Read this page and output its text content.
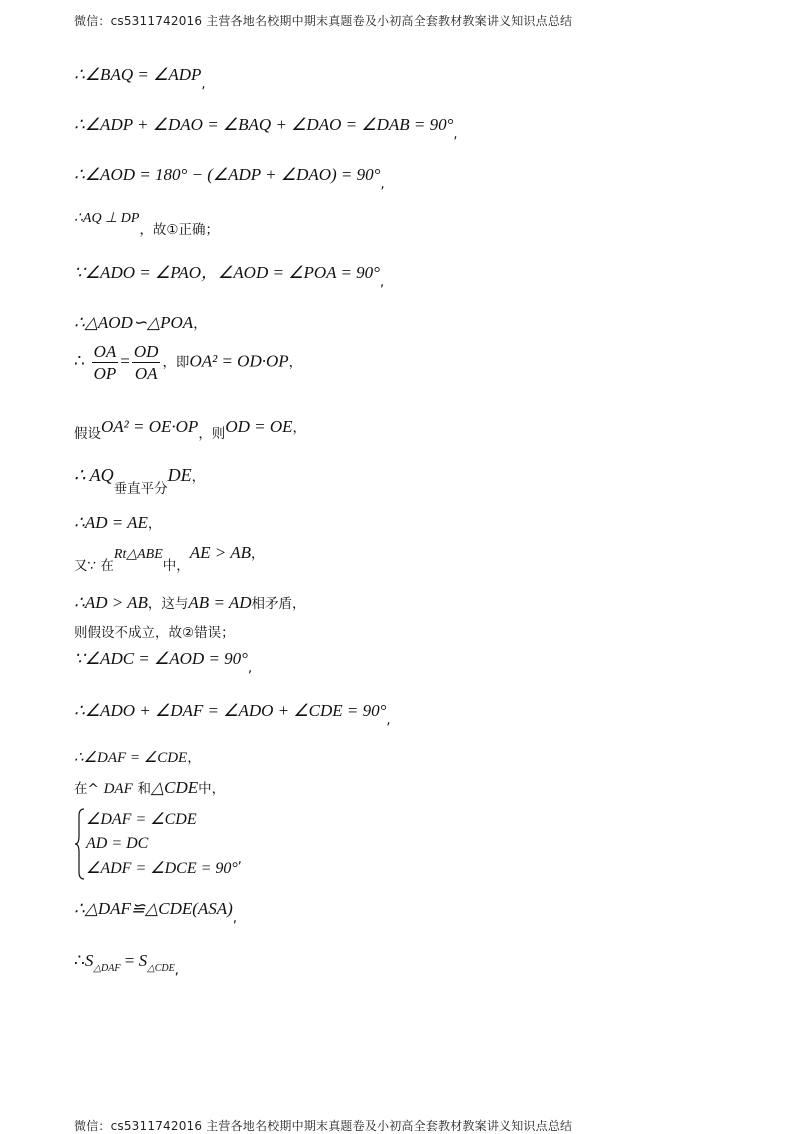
微信：cs5311742016 主营各地名校期中期末真题卷及小初高全套教材教案讲义知识点总结
∴∠BAQ = ∠ADP,
∴∠ADP + ∠DAO = ∠BAQ + ∠DAO = ∠DAB = 90°,
∴∠AOD = 180° − (∠ADP + ∠DAO) = 90°,
∴AQ ⊥ DP，故①正确；
∵∠ADO = ∠PAO，∠AOD = ∠POA = 90°,
∴△AOD∽△POA，
∴ $\frac{OA}{OP} = \frac{OD}{OA}$ ，即OA² = OD·OP，
假设OA² = OE·OP，则OD = OE，
∴ AQ垂直平分DE，
∴AD = AE，
又∵ 在Rt△ABE中，AE > AB，
∴AD > AB，这与AB = AD相矛盾，
则假设不成立，故②错误；
∵∠ADC = ∠AOD = 90°,
∴∠ADO + ∠DAF = ∠ADO + ∠CDE = 90°,
∴∠DAF = ∠CDE，
在^ DAF 和△CDE中，
∠DAF = ∠CDE
AD = DC
∠ADF = ∠DCE = 90°,
∴△DAF≌△CDE(ASA),
$\therefore S_{\triangle DAF} = S_{\triangle CDE}$,
微信：cs5311742016 主营各地名校期中期末真题卷及小初高全套教材教案讲义知识点总结
